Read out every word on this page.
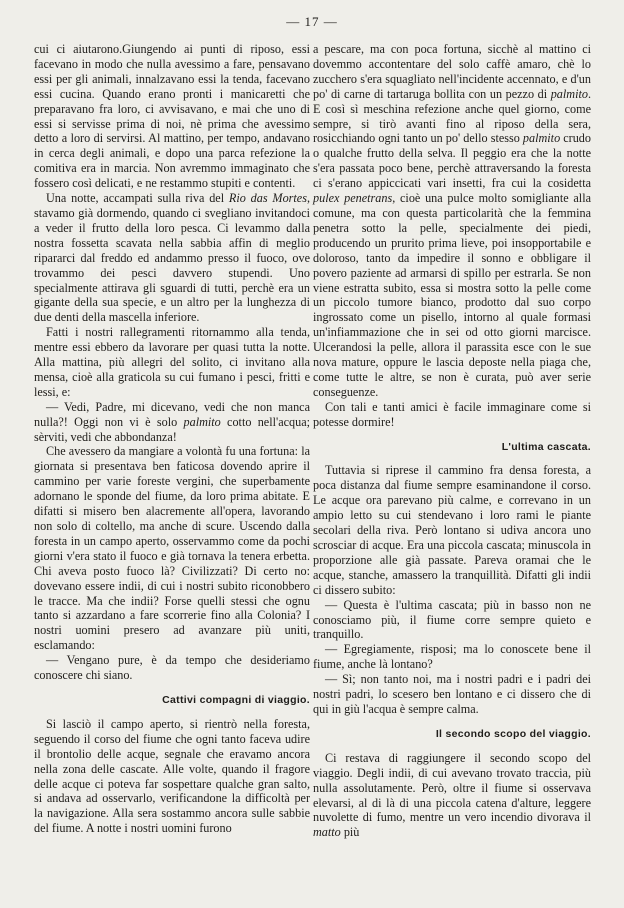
— 17 —

cui ci aiutarono.Giungendo ai punti di riposo, essi facevano in modo che nulla avessimo a fare, pensavano essi per gli animali, innalzavano essi la tenda, facevano essi cucina. Quando erano pronti i manicaretti che preparavano fra loro, ci avvisavano, e mai che uno di essi si servisse prima di noi, nè prima che avessimo detto a loro di servirsi. Al mattino, per tempo, andavano in cerca degli animali, e dopo una parca refezione la comitiva era in marcia. Non avremmo immaginato che fossero così delicati, e ne restammo stupiti e contenti.

Una notte, accampati sulla riva del Rio das Mortes, stavamo già dormendo, quando ci svegliano invitandoci a veder il frutto della loro pesca. Ci levammo dalla nostra fossetta scavata nella sabbia affin di meglio ripararci dal freddo ed andammo presso il fuoco, ove trovammo dei pesci davvero stupendi. Uno specialmente attirava gli sguardi di tutti, perchè era un gigante della sua specie, e un altro per la lunghezza di due denti della mascella inferiore.

Fatti i nostri rallegramenti ritornammo alla tenda, mentre essi ebbero da lavorare per quasi tutta la notte. Alla mattina, più allegri del solito, ci invitano alla mensa, cioè alla graticola su cui fumano i pesci, fritti e lessi, e:

— Vedi, Padre, mi dicevano, vedi che non manca nulla?! Oggi non vi è solo palmito cotto nell'acqua; sèrviti, vedi che abbondanza!

Che avessero da mangiare a volontà fu una fortuna: la giornata si presentava ben faticosa dovendo aprire il cammino per varie foreste vergini, che superbamente adornano le sponde del fiume, da loro prima abitate. E difatti si misero ben alacremente all'opera, lavorando non solo di coltello, ma anche di scure. Uscendo dalla foresta in un campo aperto, osservammo come da pochi giorni v'era stato il fuoco e già tornava la tenera erbetta. Chi aveva posto fuoco là? Civilizzati? Di certo no: dovevano essere indii, di cui i nostri subito riconobbero le tracce. Ma che indii? Forse quelli stessi che ognu tanto si azzardano a fare scorrerie fino alla Colonia? I nostri uomini presero ad avanzare più uniti, esclamando:

— Vengano pure, è da tempo che desideriamo conoscere chi siano.

Cattivi compagni di viaggio.

Si lasciò il campo aperto, si rientrò nella foresta, seguendo il corso del fiume che ogni tanto faceva udire il brontolio delle acque, segnale che eravamo ancora nella zona delle cascate. Alle volte, quando il fragore delle acque ci poteva far sospettare qualche gran salto, si andava ad osservarlo, verificandone la difficoltà per la navigazione. Alla sera sostammo ancora sulle sabbie del fiume. A notte i nostri uomini furono

a pescare, ma con poca fortuna, sicchè al mattino ci dovemmo accontentare del solo caffè amaro, chè lo zucchero s'era squagliato nell'incidente accennato, e d'un po' di carne di tartaruga bollita con un pezzo di palmito. E così sì meschina refezione anche quel giorno, come sempre, si tirò avanti fino al riposo della sera, rosicchiando ogni tanto un po' dello stesso palmito crudo o qualche frutto della selva. Il peggio era che la notte s'era passata poco bene, perchè attraversando la foresta ci s'erano appiccicati vari insetti, fra cui la cosidetta pulex penetrans, cioè una pulce molto somigliante alla comune, ma con questa particolarità che la femmina penetra sotto la pelle, specialmente dei piedi, producendo un prurito prima lieve, poi insopportabile e doloroso, tanto da impedire il sonno e obbligare il povero paziente ad armarsi di spillo per estrarla. Se non viene estratta subito, essa si mostra sotto la pelle come un piccolo tumore bianco, prodotto dal suo corpo ingrossato come un pisello, intorno al quale formasi un'infiammazione che in sei od otto giorni marcisce. Ulcerandosi la pelle, allora il parassita esce con le sue nova mature, oppure le lascia deposte nella piaga che, come tutte le altre, se non è curata, può aver serie conseguenze.

Con tali e tanti amici è facile immaginare come si potesse dormire!

L'ultima cascata.

Tuttavia si riprese il cammino fra densa foresta, a poca distanza dal fiume sempre esaminandone il corso. Le acque ora parevano più calme, e correvano in un ampio letto su cui stendevano i loro rami le piante secolari della riva. Però lontano si udiva ancora uno scrosciar di acque. Era una piccola cascata; minuscola in proporzione alle già passate. Pareva oramai che le acque, stanche, amassero la tranquillità. Difatti gli indii ci dissero subito:

— Questa è l'ultima cascata; più in basso non ne conosciamo più, il fiume corre sempre quieto e tranquillo.

— Egregiamente, risposi; ma lo conoscete bene il fiume, anche là lontano?

— Sì; non tanto noi, ma i nostri padri e i padri dei nostri padri, lo scesero ben lontano e ci dissero che di qui in giù l'acqua è sempre calma.

Il secondo scopo del viaggio.

Ci restava di raggiungere il secondo scopo del viaggio. Degli indii, di cui avevano trovato traccia, più nulla assolutamente. Però, oltre il fiume si osservava elevarsi, al di là di una piccola catena d'alture, leggere nuvolette di fumo, mentre un vero incendio divorava il matto più
